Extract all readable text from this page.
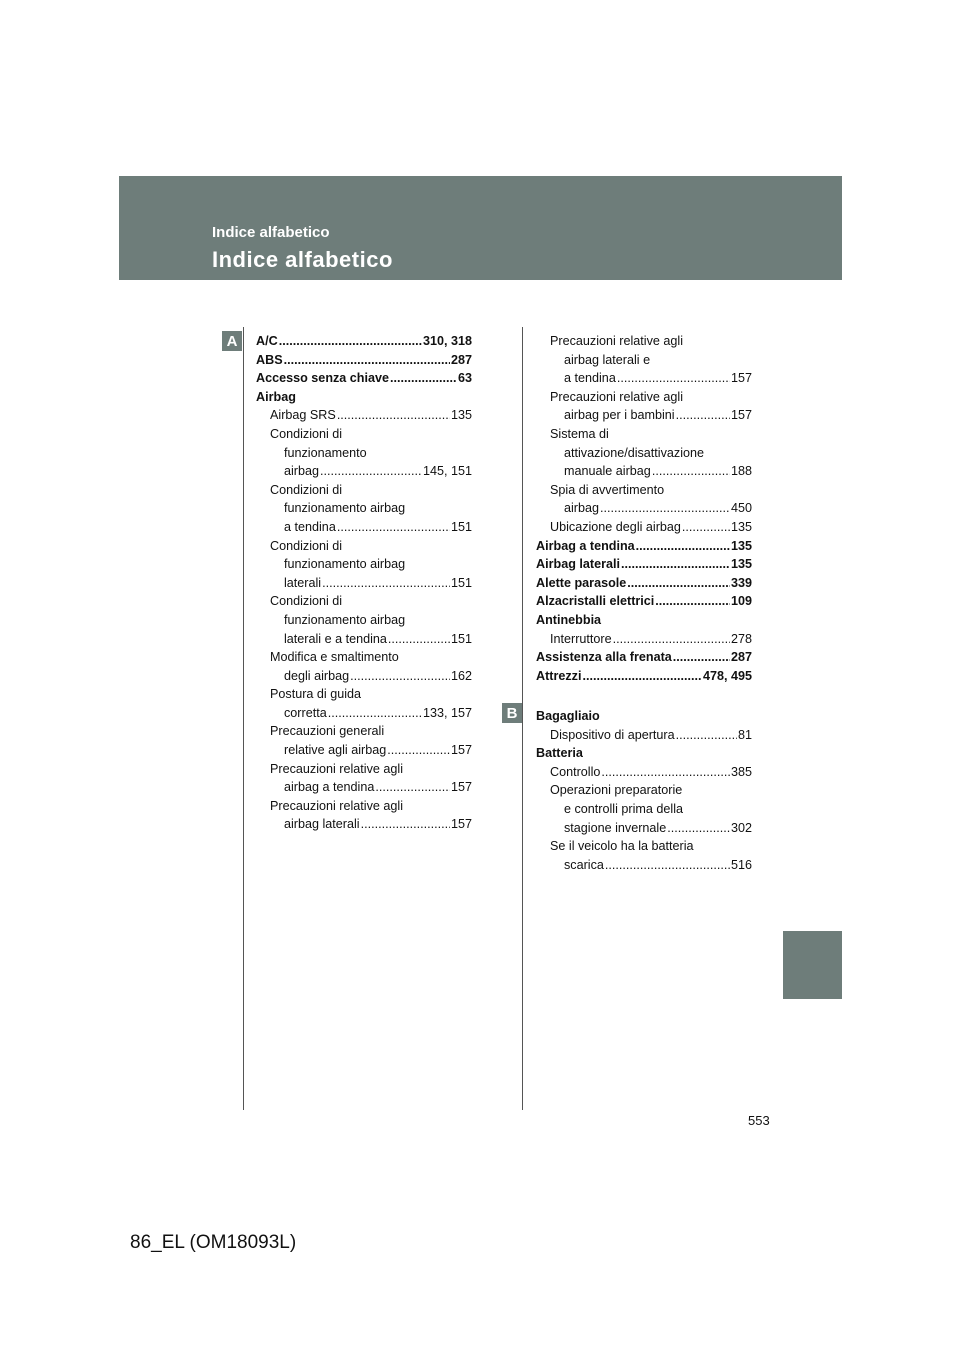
Indice alfabetico
Indice alfabetico
A
B
A/C .....	310, 318
ABS .....	287
Accesso senza chiave .....	63
Airbag
Airbag SRS .....	135
Condizioni di
funzionamento
airbag .....	145, 151
Condizioni di
funzionamento airbag
a tendina .....	151
Condizioni di
funzionamento airbag
laterali .....	151
Condizioni di
funzionamento airbag
laterali e a tendina .....	151
Modifica e smaltimento
degli airbag .....	162
Postura di guida
corretta .....	133, 157
Precauzioni generali
relative agli airbag .....	157
Precauzioni relative agli
airbag a tendina .....	157
Precauzioni relative agli
airbag laterali .....	157
Precauzioni relative agli
airbag laterali e
a tendina .....	157
Precauzioni relative agli
airbag per i bambini .....	157
Sistema di
attivazione/disattivazione
manuale airbag .....	188
Spia di avvertimento
airbag .....	450
Ubicazione degli airbag .....	135
Airbag a tendina .....	135
Airbag laterali .....	135
Alette parasole .....	339
Alzacristalli elettrici .....	109
Antinebbia
Interruttore .....	278
Assistenza alla frenata .....	287
Attrezzi .....	478, 495
Bagagliaio
Dispositivo di apertura .....	81
Batteria
Controllo .....	385
Operazioni preparatorie
e controlli prima della
stagione invernale .....	302
Se il veicolo ha la batteria
scarica .....	516
553
86_EL (OM18093L)
